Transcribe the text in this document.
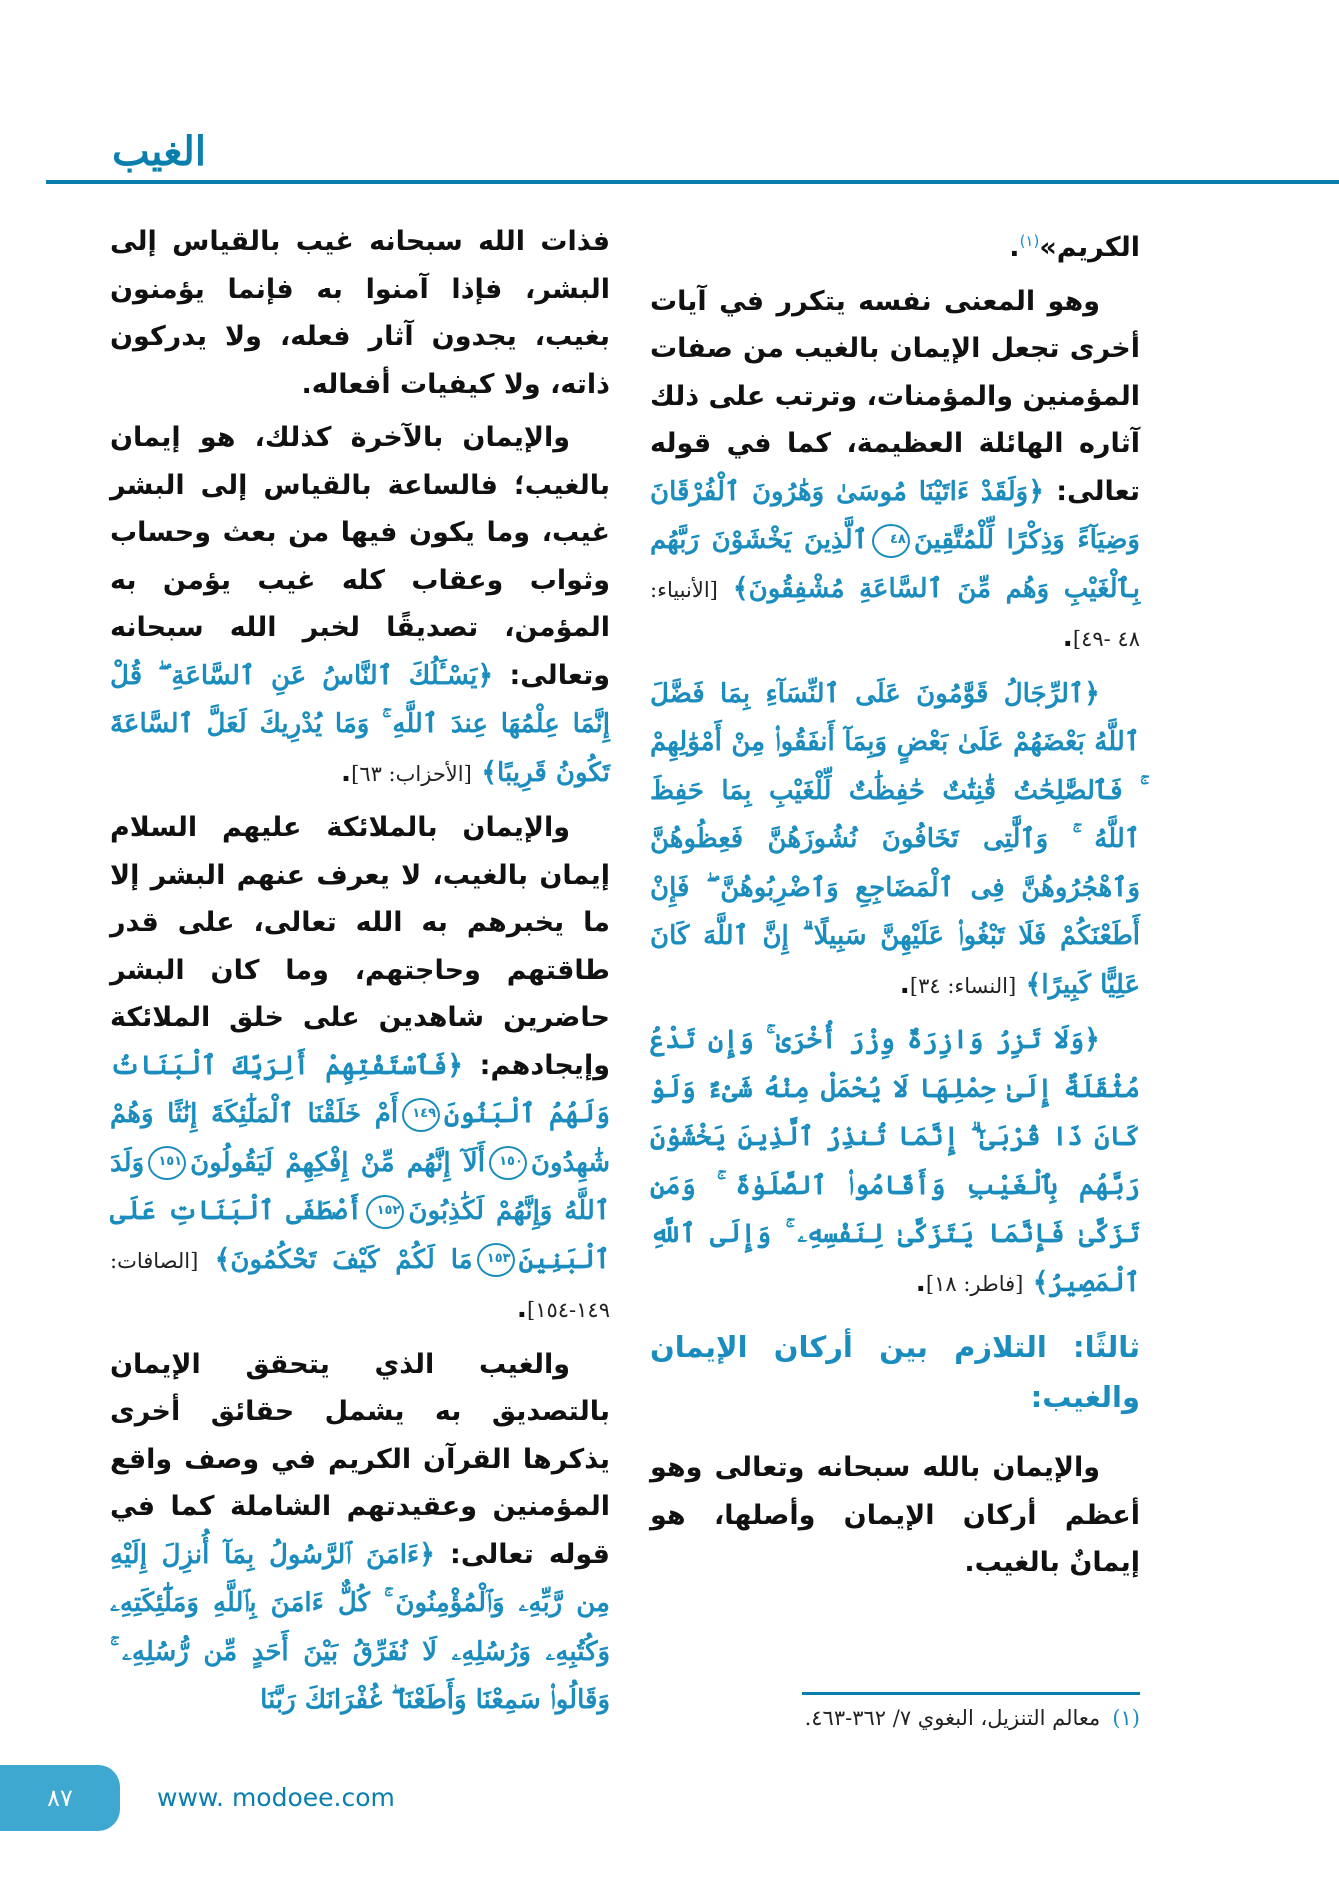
الغيب

الكريم»$^{(١)}$.

وهو المعنى نفسه يتكرر في آيات أخرى تجعل الإيمان بالغيب من صفات المؤمنين والمؤمنات، وترتب على ذلك آثاره الهائلة العظيمة، كما في قوله تعالى: ﴿وَلَقَدْ ءَاتَيْنَا مُوسَىٰ وَهَٰرُونَ ٱلْفُرْقَانَ وَضِيَآءً وَذِكْرًا لِّلْمُتَّقِينَ٤٨ٱلَّذِينَ يَخْشَوْنَ رَبَّهُم بِٱلْغَيْبِ وَهُم مِّنَ ٱلسَّاعَةِ مُشْفِقُونَ﴾ [الأنبياء: ٤٨ -٤٩].

﴿ٱلرِّجَالُ قَوَّٰمُونَ عَلَى ٱلنِّسَآءِ بِمَا فَضَّلَ ٱللَّهُ بَعْضَهُمْ عَلَىٰ بَعْضٍ وَبِمَآ أَنفَقُوا۟ مِنْ أَمْوَٰلِهِمْ ۚ فَٱلصَّٰلِحَٰتُ قَٰنِتَٰتٌ حَٰفِظَٰتٌ لِّلْغَيْبِ بِمَا حَفِظَ ٱللَّهُ ۚ وَٱلَّٰتِى تَخَافُونَ نُشُوزَهُنَّ فَعِظُوهُنَّ وَٱهْجُرُوهُنَّ فِى ٱلْمَضَاجِعِ وَٱضْرِبُوهُنَّ ۖ فَإِنْ أَطَعْنَكُمْ فَلَا تَبْغُوا۟ عَلَيْهِنَّ سَبِيلًا ۗ إِنَّ ٱللَّهَ كَانَ عَلِيًّا كَبِيرًا﴾ [النساء: ٣٤].

﴿وَلَا تَزِرُ وَازِرَةٌ وِزْرَ أُخْرَىٰ ۚ وَإِن تَدْعُ مُثْقَلَةٌ إِلَىٰ حِمْلِهَا لَا يُحْمَلْ مِنْهُ شَىْءٌ وَلَوْ كَانَ ذَا قُرْبَىٰٓ ۗ إِنَّمَا تُنذِرُ ٱلَّذِينَ يَخْشَوْنَ رَبَّهُم بِٱلْغَيْبِ وَأَقَامُوا۟ ٱلصَّلَوٰةَ ۚ وَمَن تَزَكَّىٰ فَإِنَّمَا يَتَزَكَّىٰ لِنَفْسِهِۦ ۚ وَإِلَى ٱللَّهِ ٱلْمَصِيرُ﴾ [فاطر: ١٨].

ثالثًا: التلازم بين أركان الإيمان والغيب:

والإيمان بالله سبحانه وتعالى وهو أعظم أركان الإيمان وأصلها، هو إيمانٌ بالغيب.

فذات الله سبحانه غيب بالقياس إلى البشر، فإذا آمنوا به فإنما يؤمنون بغيب، يجدون آثار فعله، ولا يدركون ذاته، ولا كيفيات أفعاله.

والإيمان بالآخرة كذلك، هو إيمان بالغيب؛ فالساعة بالقياس إلى البشر غيب، وما يكون فيها من بعث وحساب وثواب وعقاب كله غيب يؤمن به المؤمن، تصديقًا لخبر الله سبحانه وتعالى: ﴿يَسْـَٔلُكَ ٱلنَّاسُ عَنِ ٱلسَّاعَةِ ۖ قُلْ إِنَّمَا عِلْمُهَا عِندَ ٱللَّهِ ۚ وَمَا يُدْرِيكَ لَعَلَّ ٱلسَّاعَةَ تَكُونُ قَرِيبًا﴾ [الأحزاب: ٦٣].

والإيمان بالملائكة عليهم السلام إيمان بالغيب، لا يعرف عنهم البشر إلا ما يخبرهم به الله تعالى، على قدر طاقتهم وحاجتهم، وما كان البشر حاضرين شاهدين على خلق الملائكة وإيجادهم: ﴿فَٱسْتَفْتِهِمْ أَلِرَبِّكَ ٱلْبَنَاتُ وَلَهُمُ ٱلْبَنُونَ١٤٩أَمْ خَلَقْنَا ٱلْمَلَٰٓئِكَةَ إِنَٰثًا وَهُمْ شَٰهِدُونَ١٥٠أَلَآ إِنَّهُم مِّنْ إِفْكِهِمْ لَيَقُولُونَ١٥١وَلَدَ ٱللَّهُ وَإِنَّهُمْ لَكَٰذِبُونَ١٥٢أَصْطَفَى ٱلْبَنَاتِ عَلَى ٱلْبَنِينَ١٥٣مَا لَكُمْ كَيْفَ تَحْكُمُونَ﴾ [الصافات: ١٤٩-١٥٤].

والغيب الذي يتحقق الإيمان بالتصديق به يشمل حقائق أخرى يذكرها القرآن الكريم في وصف واقع المؤمنين وعقيدتهم الشاملة كما في قوله تعالى: ﴿ءَامَنَ ٱلرَّسُولُ بِمَآ أُنزِلَ إِلَيْهِ مِن رَّبِّهِۦ وَٱلْمُؤْمِنُونَ ۚ كُلٌّ ءَامَنَ بِٱللَّهِ وَمَلَٰٓئِكَتِهِۦ وَكُتُبِهِۦ وَرُسُلِهِۦ لَا نُفَرِّقُ بَيْنَ أَحَدٍ مِّن رُّسُلِهِۦ ۚ وَقَالُوا۟ سَمِعْنَا وَأَطَعْنَا ۖ غُفْرَانَكَ رَبَّنَا

(١)معالم التنزيل، البغوي ٧/ ٣٦٢-٤٦٣.
٨٧	www. modoee.com
